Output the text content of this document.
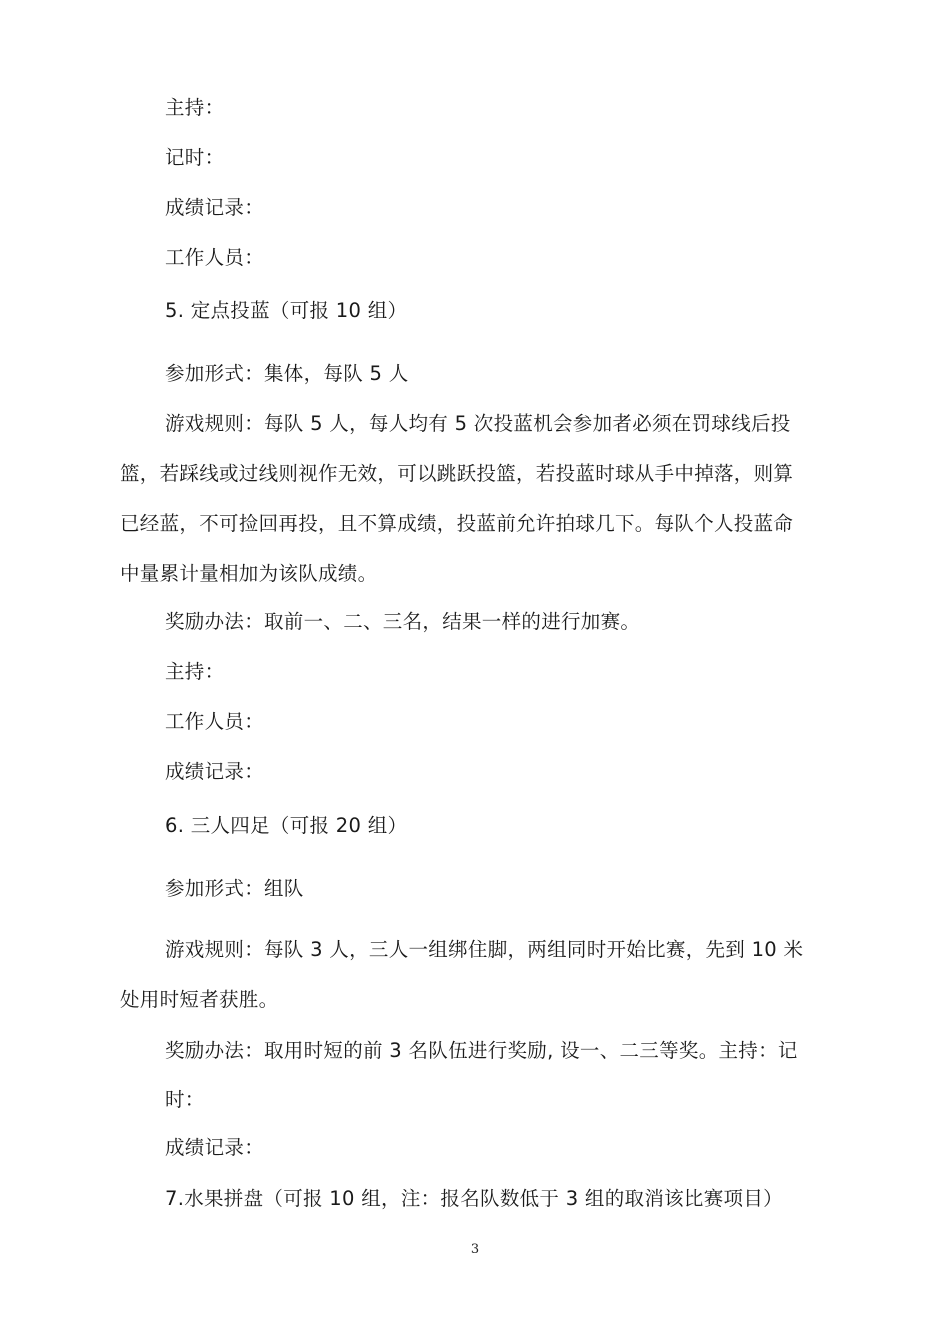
主持：
记时：
成绩记录：
工作人员：
5. 定点投蓝（可报 10 组）
参加形式：集体，每队 5 人
游戏规则：每队 5 人，每人均有 5 次投蓝机会参加者必须在罚球线后投
篮，若踩线或过线则视作无效，可以跳跃投篮，若投蓝时球从手中掉落，则算
已经蓝，不可捡回再投，且不算成绩，投蓝前允许拍球几下。每队个人投蓝命
中量累计量相加为该队成绩。
奖励办法：取前一、二、三名，结果一样的进行加赛。
主持：
工作人员：
成绩记录：
6. 三人四足（可报 20 组）
参加形式：组队
游戏规则：每队 3 人，三人一组绑住脚，两组同时开始比赛，先到 10 米
处用时短者获胜。
奖励办法：取用时短的前 3 名队伍进行奖励, 设一、二三等奖。主持：记
时：
成绩记录：
7.水果拼盘（可报 10 组，注：报名队数低于 3 组的取消该比赛项目）
3
